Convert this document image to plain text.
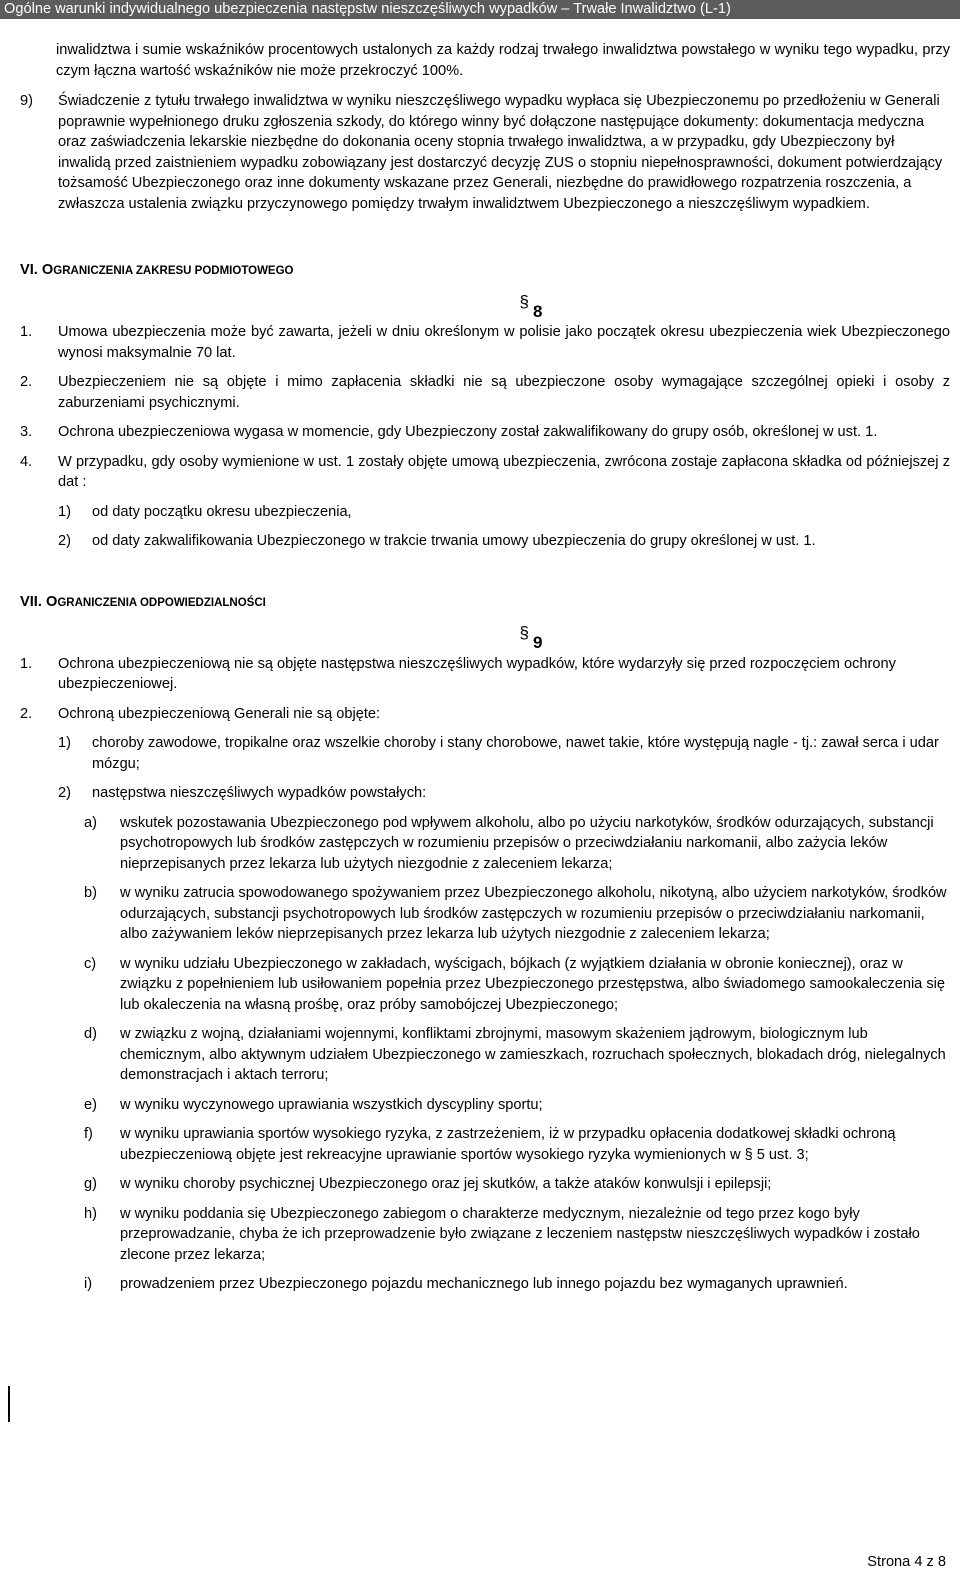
Ogólne warunki indywidualnego ubezpieczenia następstw nieszczęśliwych wypadków – Trwałe Inwalidztwo (L-1)

inwalidztwa i sumie wskaźników procentowych ustalonych za każdy rodzaj trwałego inwalidztwa powstałego w wyniku tego wypadku, przy czym łączna wartość wskaźników nie może przekroczyć 100%.

9)	Świadczenie z tytułu trwałego inwalidztwa w wyniku nieszczęśliwego wypadku wypłaca się Ubezpieczonemu po przedłożeniu w Generali poprawnie wypełnionego druku zgłoszenia szkody, do którego winny być dołączone następujące dokumenty: dokumentacja medyczna oraz zaświadczenia lekarskie niezbędne do dokonania oceny stopnia trwałego inwalidztwa, a w przypadku, gdy Ubezpieczony był inwalidą przed zaistnieniem wypadku zobowiązany jest dostarczyć decyzję ZUS o stopniu niepełnosprawności, dokument potwierdzający tożsamość Ubezpieczonego oraz inne dokumenty wskazane przez Generali, niezbędne do prawidłowego rozpatrzenia roszczenia, a zwłaszcza ustalenia związku przyczynowego pomiędzy trwałym inwalidztwem Ubezpieczonego a nieszczęśliwym wypadkiem.
VI. OGRANICZENIA ZAKRESU PODMIOTOWEGO
§8
1.	Umowa ubezpieczenia może być zawarta, jeżeli w dniu określonym w polisie jako początek okresu ubezpieczenia wiek Ubezpieczonego wynosi maksymalnie 70 lat.
2.	Ubezpieczeniem nie są objęte i mimo zapłacenia składki nie są ubezpieczone osoby wymagające szczególnej opieki i osoby z zaburzeniami psychicznymi.
3.	Ochrona ubezpieczeniowa wygasa w momencie, gdy Ubezpieczony został zakwalifikowany do grupy osób, określonej w ust. 1.
4.	W przypadku, gdy osoby wymienione w ust. 1 zostały objęte umową ubezpieczenia, zwrócona zostaje zapłacona składka od późniejszej z dat :
1)	od daty początku okresu ubezpieczenia,
2)	od daty zakwalifikowania Ubezpieczonego w trakcie trwania umowy ubezpieczenia do grupy określonej w ust. 1.
VII. OGRANICZENIA ODPOWIEDZIALNOŚCI
§9
1.	Ochrona ubezpieczeniową nie są objęte następstwa nieszczęśliwych wypadków, które wydarzyły się przed rozpoczęciem ochrony ubezpieczeniowej.
2.	Ochroną ubezpieczeniową Generali nie są objęte:
1)	choroby zawodowe, tropikalne oraz wszelkie choroby i stany chorobowe, nawet takie, które występują nagle - tj.: zawał serca i udar mózgu;
2)	następstwa nieszczęśliwych wypadków powstałych:
a)	wskutek pozostawania Ubezpieczonego pod wpływem alkoholu, albo po użyciu narkotyków, środków odurzających, substancji psychotropowych lub środków zastępczych w rozumieniu przepisów o przeciwdziałaniu narkomanii, albo zażycia leków nieprzepisanych przez lekarza lub użytych niezgodnie z zaleceniem lekarza;
b)	w wyniku zatrucia spowodowanego spożywaniem przez Ubezpieczonego alkoholu, nikotyną, albo użyciem narkotyków, środków odurzających, substancji psychotropowych lub środków zastępczych w rozumieniu przepisów o przeciwdziałaniu narkomanii, albo zażywaniem leków nieprzepisanych przez lekarza lub użytych niezgodnie z zaleceniem lekarza;
c)	w wyniku udziału Ubezpieczonego w zakładach, wyścigach, bójkach (z wyjątkiem działania w obronie koniecznej), oraz w związku z popełnieniem lub usiłowaniem popełnia przez Ubezpieczonego przestępstwa, albo świadomego samookaleczenia się lub okaleczenia na własną prośbę, oraz próby samobójczej Ubezpieczonego;
d)	w związku z wojną, działaniami wojennymi, konfliktami zbrojnymi, masowym skażeniem jądrowym, biologicznym lub chemicznym, albo aktywnym udziałem Ubezpieczonego w zamieszkach, rozruchach społecznych, blokadach dróg, nielegalnych demonstracjach i aktach terroru;
e)	w wyniku wyczynowego uprawiania wszystkich dyscypliny sportu;
f)	w wyniku uprawiania sportów wysokiego ryzyka, z zastrzeżeniem, iż w przypadku opłacenia dodatkowej składki ochroną ubezpieczeniową objęte jest rekreacyjne uprawianie sportów wysokiego ryzyka wymienionych w § 5 ust. 3;
g)	w wyniku choroby psychicznej Ubezpieczonego oraz jej skutków, a także ataków konwulsji i epilepsji;
h)	w wyniku poddania się Ubezpieczonego zabiegom o charakterze medycznym, niezależnie od tego przez kogo były przeprowadzanie, chyba że ich przeprowadzenie było związane z leczeniem następstw nieszczęśliwych wypadków i zostało zlecone przez lekarza;
i)	prowadzeniem przez Ubezpieczonego pojazdu mechanicznego lub innego pojazdu bez wymaganych uprawnień.
Strona 4 z 8
